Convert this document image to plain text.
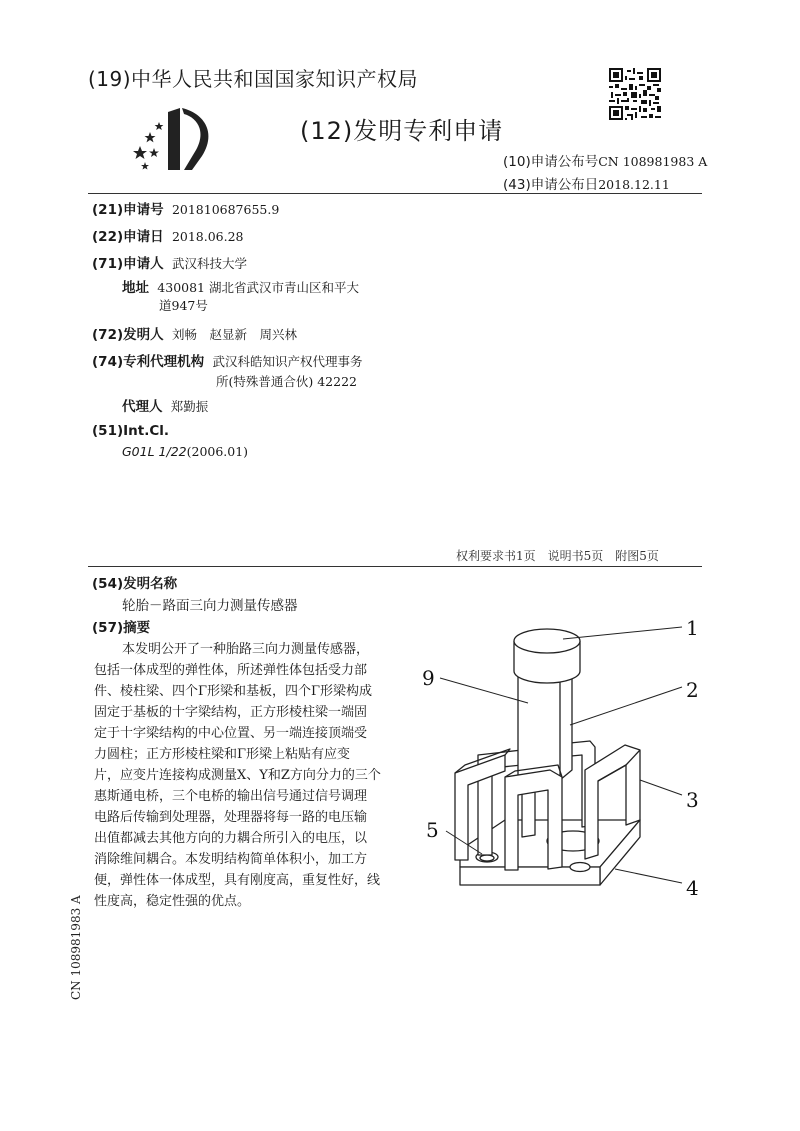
(19)中华人民共和国国家知识产权局
(12)发明专利申请
(10)申请公布号CN 108981983 A
(43)申请公布日2018.12.11
(21)申请号 201810687655.9
(22)申请日 2018.06.28
(71)申请人 武汉科技大学
地址 430081 湖北省武汉市青山区和平大
道947号
(72)发明人 刘畅　赵显新　周兴林
(74)专利代理机构 武汉科皓知识产权代理事务
所(特殊普通合伙) 42222
代理人 郑勤振
(51)Int.Cl.
G01L 1/22(2006.01)
权利要求书1页　说明书5页　附图5页
(54)发明名称
轮胎－路面三向力测量传感器
(57)摘要
本发明公开了一种胎路三向力测量传感器，
包括一体成型的弹性体，所述弹性体包括受力部
件、棱柱梁、四个Γ形梁和基板，四个Γ形梁构成
固定于基板的十字梁结构，正方形棱柱梁一端固
定于十字梁结构的中心位置、另一端连接顶端受
力圆柱；正方形棱柱梁和Γ形梁上粘贴有应变
片，应变片连接构成测量X、Y和Z方向分力的三个
惠斯通电桥，三个电桥的输出信号通过信号调理
电路后传输到处理器，处理器将每一路的电压输
出值都减去其他方向的力耦合所引入的电压，以
消除维间耦合。本发明结构简单体积小，加工方
便，弹性体一体成型，具有刚度高，重复性好，线
性度高，稳定性强的优点。
1
9	2
3
5
4
CN 108981983 A
